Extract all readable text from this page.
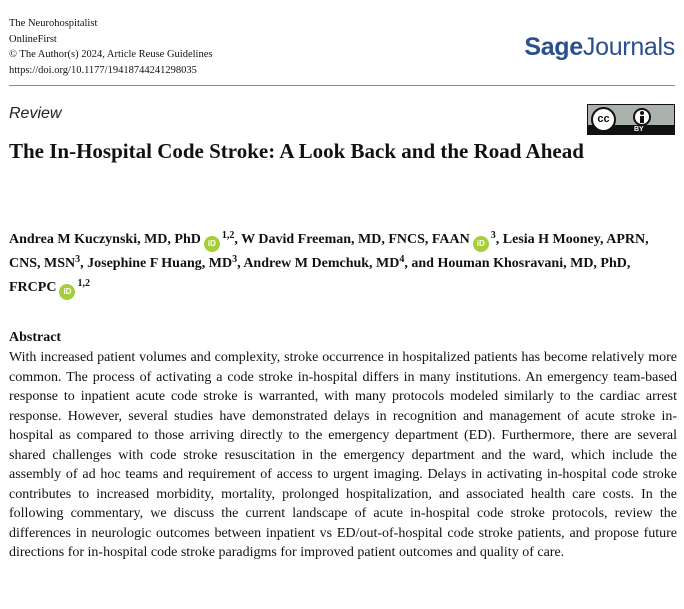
The Neurohospitalist
OnlineFirst
© The Author(s) 2024, Article Reuse Guidelines
https://doi.org/10.1177/19418744241298035
SageJournals
Review	cc
BY
The In-Hospital Code Stroke: A Look Back and the Road Ahead

Andrea M Kuczynski, MD, PhD iD$^{1,2}$, W David Freeman, MD, FNCS, FAAN $iD^3$, Lesia H Mooney, APRN, CNS, MSN$^3$, Josephine F Huang, $MD^3$, Andrew M Demchuk, $MD^4$, and Houman Khosravani, MD, PhD, FRCPC iD$^{1,2}$

Abstract

With increased patient volumes and complexity, stroke occurrence in hospitalized patients has become relatively more common. The process of activating a code stroke in-hospital differs in many institutions. An emergency team-based response to inpatient acute code stroke is warranted, with many protocols modeled similarly to the cardiac arrest response. However, several studies have demonstrated delays in recognition and management of acute stroke in-hospital as compared to those arriving directly to the emergency department (ED). Furthermore, there are several shared challenges with code stroke resuscitation in the emergency department and the ward, which include the assembly of ad hoc teams and requirement of access to urgent imaging. Delays in activating in-hospital code stroke contributes to increased morbidity, mortality, prolonged hospitalization, and associated health care costs. In the following commentary, we discuss the current landscape of acute in-hospital code stroke protocols, review the differences in neurologic outcomes between inpatient vs ED/out-of-hospital code stroke patients, and propose future directions for in-hospital code stroke paradigms for improved patient outcomes and quality of care.
